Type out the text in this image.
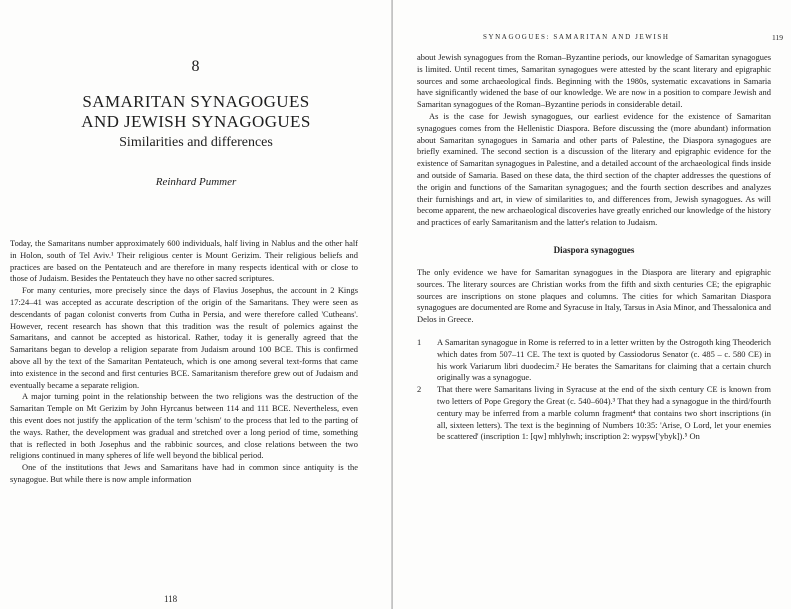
8
SAMARITAN SYNAGOGUES
AND JEWISH SYNAGOGUES
Similarities and differences
Reinhard Pummer

Today, the Samaritans number approximately 600 individuals, half living in Nablus and the other half in Holon, south of Tel Aviv.¹ Their religious center is Mount Gerizim. Their religious beliefs and practices are based on the Pentateuch and are therefore in many respects identical with or close to those of Judaism. Besides the Pentateuch they have no other sacred scriptures.

For many centuries, more precisely since the days of Flavius Josephus, the account in 2 Kings 17:24–41 was accepted as accurate description of the origin of the Samaritans. They were seen as descendants of pagan colonist converts from Cutha in Persia, and were therefore called 'Cutheans'. However, recent research has shown that this tradition was the result of polemics against the Samaritans, and cannot be accepted as historical. Rather, today it is generally agreed that the Samaritans began to develop a religion separate from Judaism around 100 BCE. This is confirmed above all by the text of the Samaritan Pentateuch, which is one among several text-forms that came into existence in the second and first centuries BCE. Samaritanism therefore grew out of Judaism and eventually became a separate religion.

A major turning point in the relationship between the two religions was the destruction of the Samaritan Temple on Mt Gerizim by John Hyrcanus between 114 and 111 BCE. Nevertheless, even this event does not justify the application of the term 'schism' to the process that led to the parting of the ways. Rather, the development was gradual and stretched over a long period of time, something that is reflected in both Josephus and the rabbinic sources, and close relations between the two religions continued in many spheres of life well beyond the biblical period.

One of the institutions that Jews and Samaritans have had in common since antiquity is the synagogue. But while there is now ample information

118
SYNAGOGUES: SAMARITAN AND JEWISH	119

about Jewish synagogues from the Roman–Byzantine periods, our knowledge of Samaritan synagogues is limited. Until recent times, Samaritan synagogues were attested by the scant literary and epigraphic sources and some archaeological finds. Beginning with the 1980s, systematic excavations in Samaria have significantly widened the base of our knowledge. We are now in a position to compare Jewish and Samaritan synagogues of the Roman–Byzantine periods in considerable detail.

As is the case for Jewish synagogues, our earliest evidence for the existence of Samaritan synagogues comes from the Hellenistic Diaspora. Before discussing the (more abundant) information about Samaritan synagogues in Samaria and other parts of Palestine, the Diaspora synagogues are briefly examined. The second section is a discussion of the literary and epigraphic evidence for the existence of Samaritan synagogues in Palestine, and a detailed account of the archaeological finds inside and outside of Samaria. Based on these data, the third section of the chapter addresses the questions of the origin and functions of the Samaritan synagogues; and the fourth section describes and analyzes their furnishings and art, in view of similarities to, and differences from, Jewish synagogues. As will become apparent, the new archaeological discoveries have greatly enriched our knowledge of the history and practices of early Samaritanism and the latter's relation to Judaism.

Diaspora synagogues

The only evidence we have for Samaritan synagogues in the Diaspora are literary and epigraphic sources. The literary sources are Christian works from the fifth and sixth centuries CE; the epigraphic sources are inscriptions on stone plaques and columns. The cities for which Samaritan Diaspora synagogues are documented are Rome and Syracuse in Italy, Tarsus in Asia Minor, and Thessalonica and Delos in Greece.

1 A Samaritan synagogue in Rome is referred to in a letter written by the Ostrogoth king Theoderich which dates from 507–11 CE. The text is quoted by Cassiodorus Senator (c. 485 – c. 580 CE) in his work Variarum libri duodecim.² He berates the Samaritans for claiming that a certain church originally was a synagogue.

2 That there were Samaritans living in Syracuse at the end of the sixth century CE is known from two letters of Pope Gregory the Great (c. 540–604).³ That they had a synagogue in the third/fourth century may be inferred from a marble column fragment⁴ that contains two short inscriptions (in all, sixteen letters). The text is the beginning of Numbers 10:35: 'Arise, O Lord, let your enemies be scattered' (inscription 1: [qw] mhlyhwh; inscription 2: wypṣw['ybyk]).⁵ On
